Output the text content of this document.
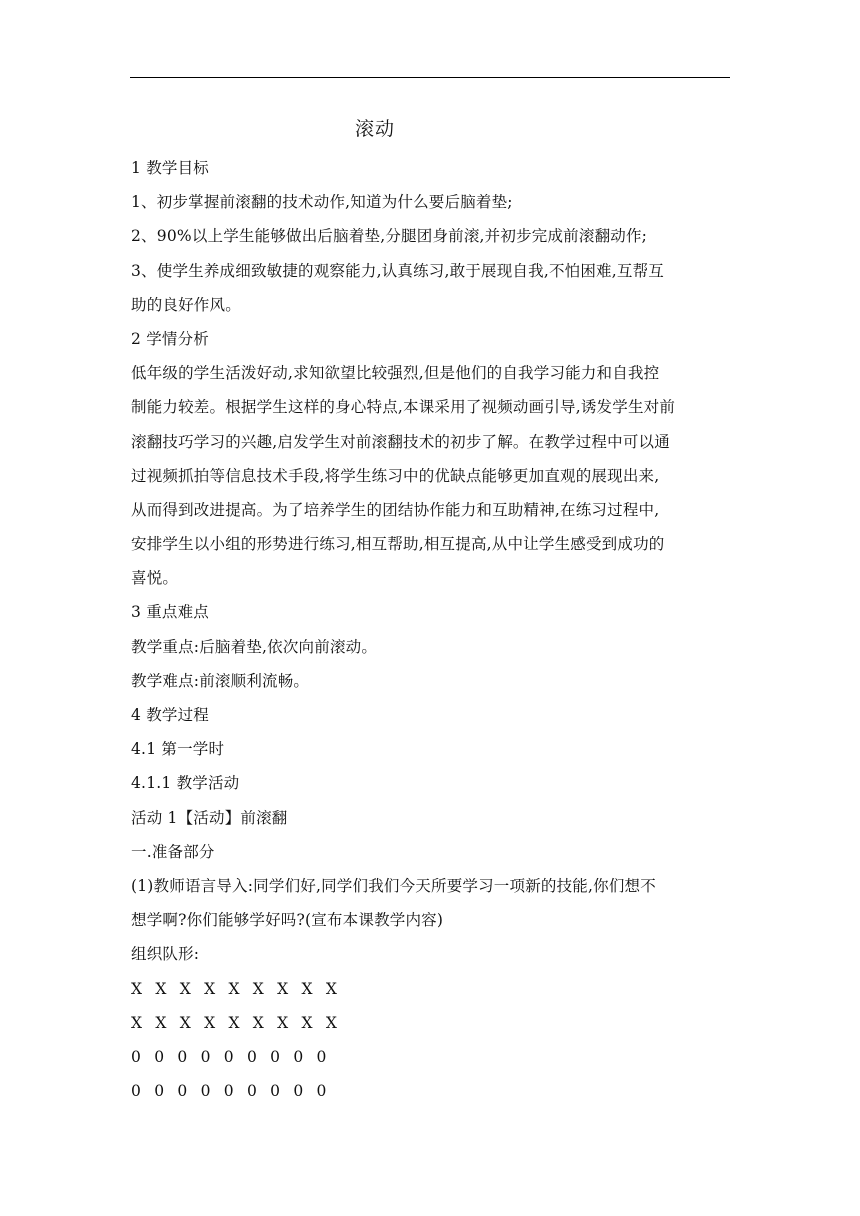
滚动
1 教学目标
1、初步掌握前滚翻的技术动作,知道为什么要后脑着垫;
2、90%以上学生能够做出后脑着垫,分腿团身前滚,并初步完成前滚翻动作;
3、使学生养成细致敏捷的观察能力,认真练习,敢于展现自我,不怕困难,互帮互
助的良好作风。
2 学情分析
低年级的学生活泼好动,求知欲望比较强烈,但是他们的自我学习能力和自我控
制能力较差。根据学生这样的身心特点,本课采用了视频动画引导,诱发学生对前
滚翻技巧学习的兴趣,启发学生对前滚翻技术的初步了解。在教学过程中可以通
过视频抓拍等信息技术手段,将学生练习中的优缺点能够更加直观的展现出来,
从而得到改进提高。为了培养学生的团结协作能力和互助精神,在练习过程中,
安排学生以小组的形势进行练习,相互帮助,相互提高,从中让学生感受到成功的
喜悦。
3 重点难点
教学重点:后脑着垫,依次向前滚动。
教学难点:前滚顺利流畅。
4 教学过程
4.1 第一学时
4.1.1 教学活动
活动 1【活动】前滚翻
一.准备部分
(1)教师语言导入:同学们好,同学们我们今天所要学习一项新的技能,你们想不
想学啊?你们能够学好吗?(宣布本课教学内容)
组织队形:
X X X X X X X X X
X X X X X X X X X
0 0 0 0 0 0 0 0 0
0 0 0 0 0 0 0 0 0
